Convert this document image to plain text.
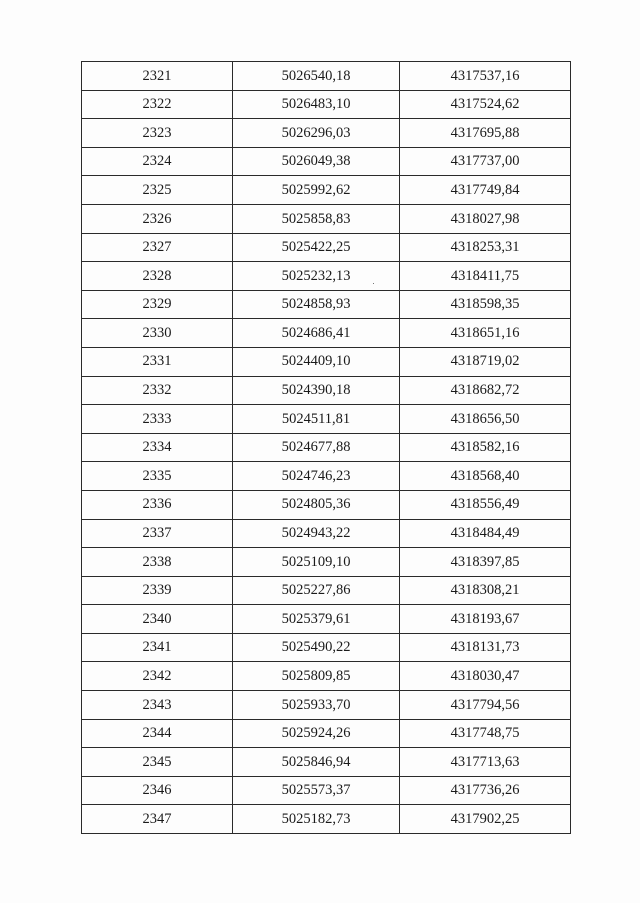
2321	5026540,18	4317537,16
2322	5026483,10	4317524,62
2323	5026296,03	4317695,88
2324	5026049,38	4317737,00
2325	5025992,62	4317749,84
2326	5025858,83	4318027,98
2327	5025422,25	4318253,31
2328	5025232,13	4318411,75
2329	5024858,93	4318598,35
2330	5024686,41	4318651,16
2331	5024409,10	4318719,02
2332	5024390,18	4318682,72
2333	5024511,81	4318656,50
2334	5024677,88	4318582,16
2335	5024746,23	4318568,40
2336	5024805,36	4318556,49
2337	5024943,22	4318484,49
2338	5025109,10	4318397,85
2339	5025227,86	4318308,21
2340	5025379,61	4318193,67
2341	5025490,22	4318131,73
2342	5025809,85	4318030,47
2343	5025933,70	4317794,56
2344	5025924,26	4317748,75
2345	5025846,94	4317713,63
2346	5025573,37	4317736,26
2347	5025182,73	4317902,25
